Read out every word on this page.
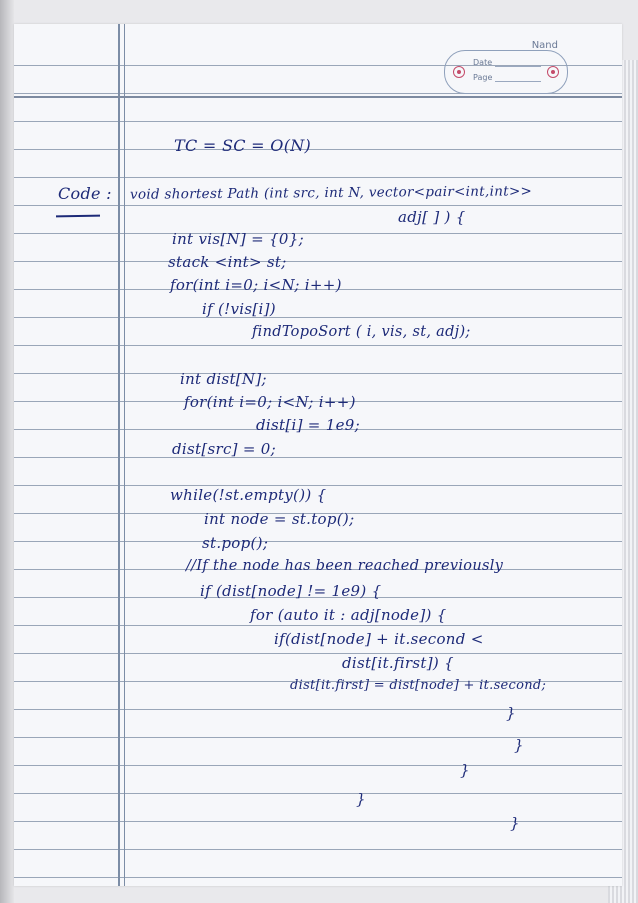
Nand
Date
Page
TC = SC = O(N)
Code : void shortest Path (int src, int N, vector<pair<int,int>>
adj[ ] ) {
int vis[N] = {0};
stack <int> st;
for(int i=0; i<N; i++)
if (!vis[i])
findTopoSort ( i, vis, st, adj);
int dist[N];
for(int i=0; i<N; i++)
dist[i] = 1e9;
dist[src] = 0;
while(!st.empty()) {
int node = st.top();
st.pop();
//If the node has been reached previously
if (dist[node] != 1e9) {
for (auto it : adj[node]) {
if(dist[node] + it.second <
dist[it.first]) {
dist[it.first] = dist[node] + it.second;
}
}
}
}
}
